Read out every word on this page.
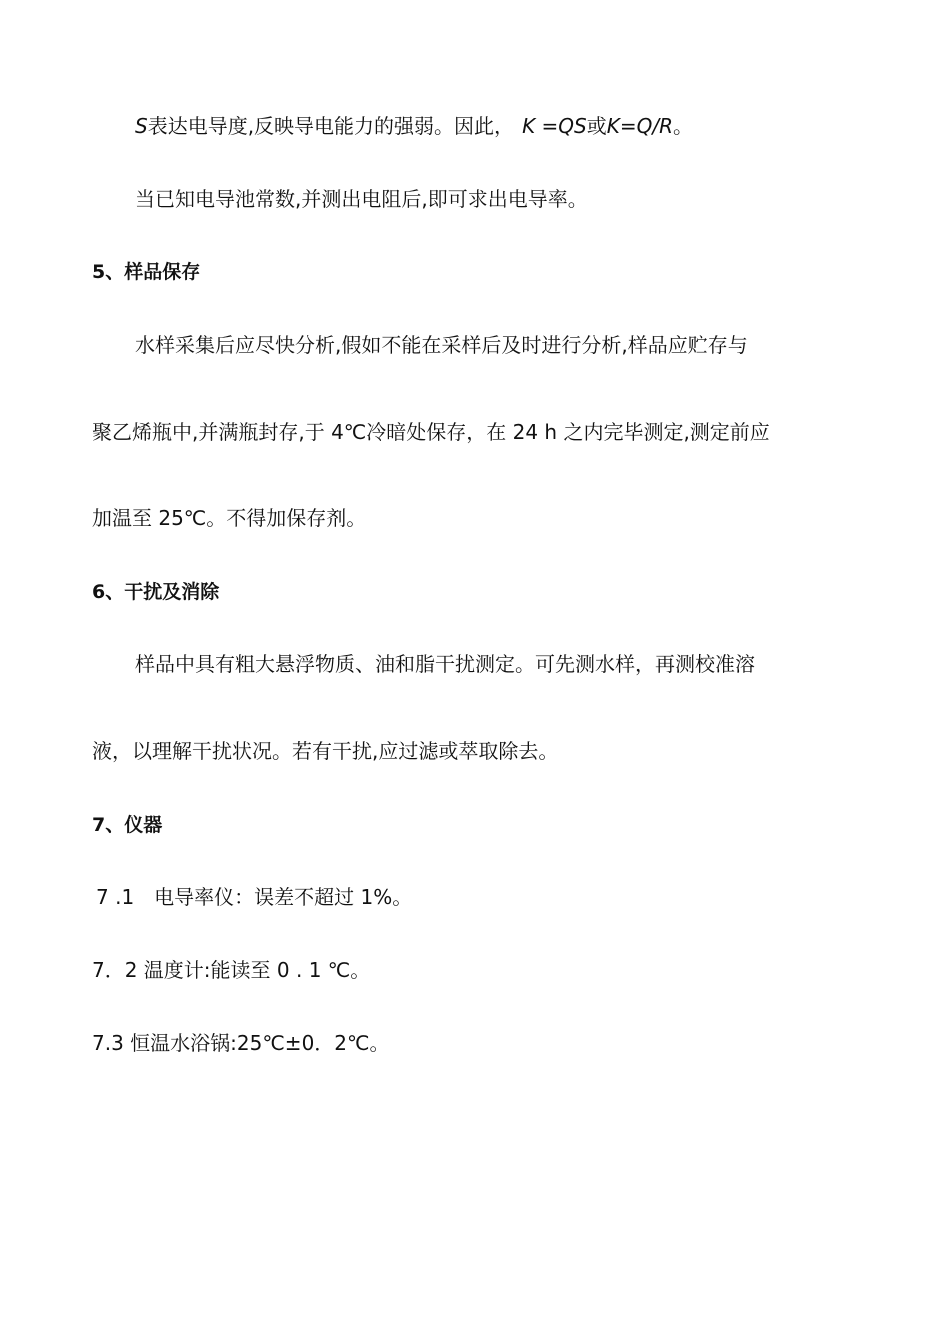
S表达电导度,反映导电能力的强弱。因此， K =QS或K=Q/R。
当已知电导池常数,并测出电阻后,即可求出电导率。
5、样品保存
水样采集后应尽快分析,假如不能在采样后及时进行分析,样品应贮存与
聚乙烯瓶中,并满瓶封存,于 4℃冷暗处保存，在 24 h 之内完毕测定,测定前应
加温至 25℃。不得加保存剂。
6、干扰及消除
样品中具有粗大悬浮物质、油和脂干扰测定。可先测水样，再测校准溶
液，以理解干扰状况。若有干扰,应过滤或萃取除去。
7、仪器
7 .1　电导率仪：误差不超过 1%。
7．2 温度计:能读至 0 . 1 ℃。
7.3 恒温水浴锅:25℃±0．2℃。
